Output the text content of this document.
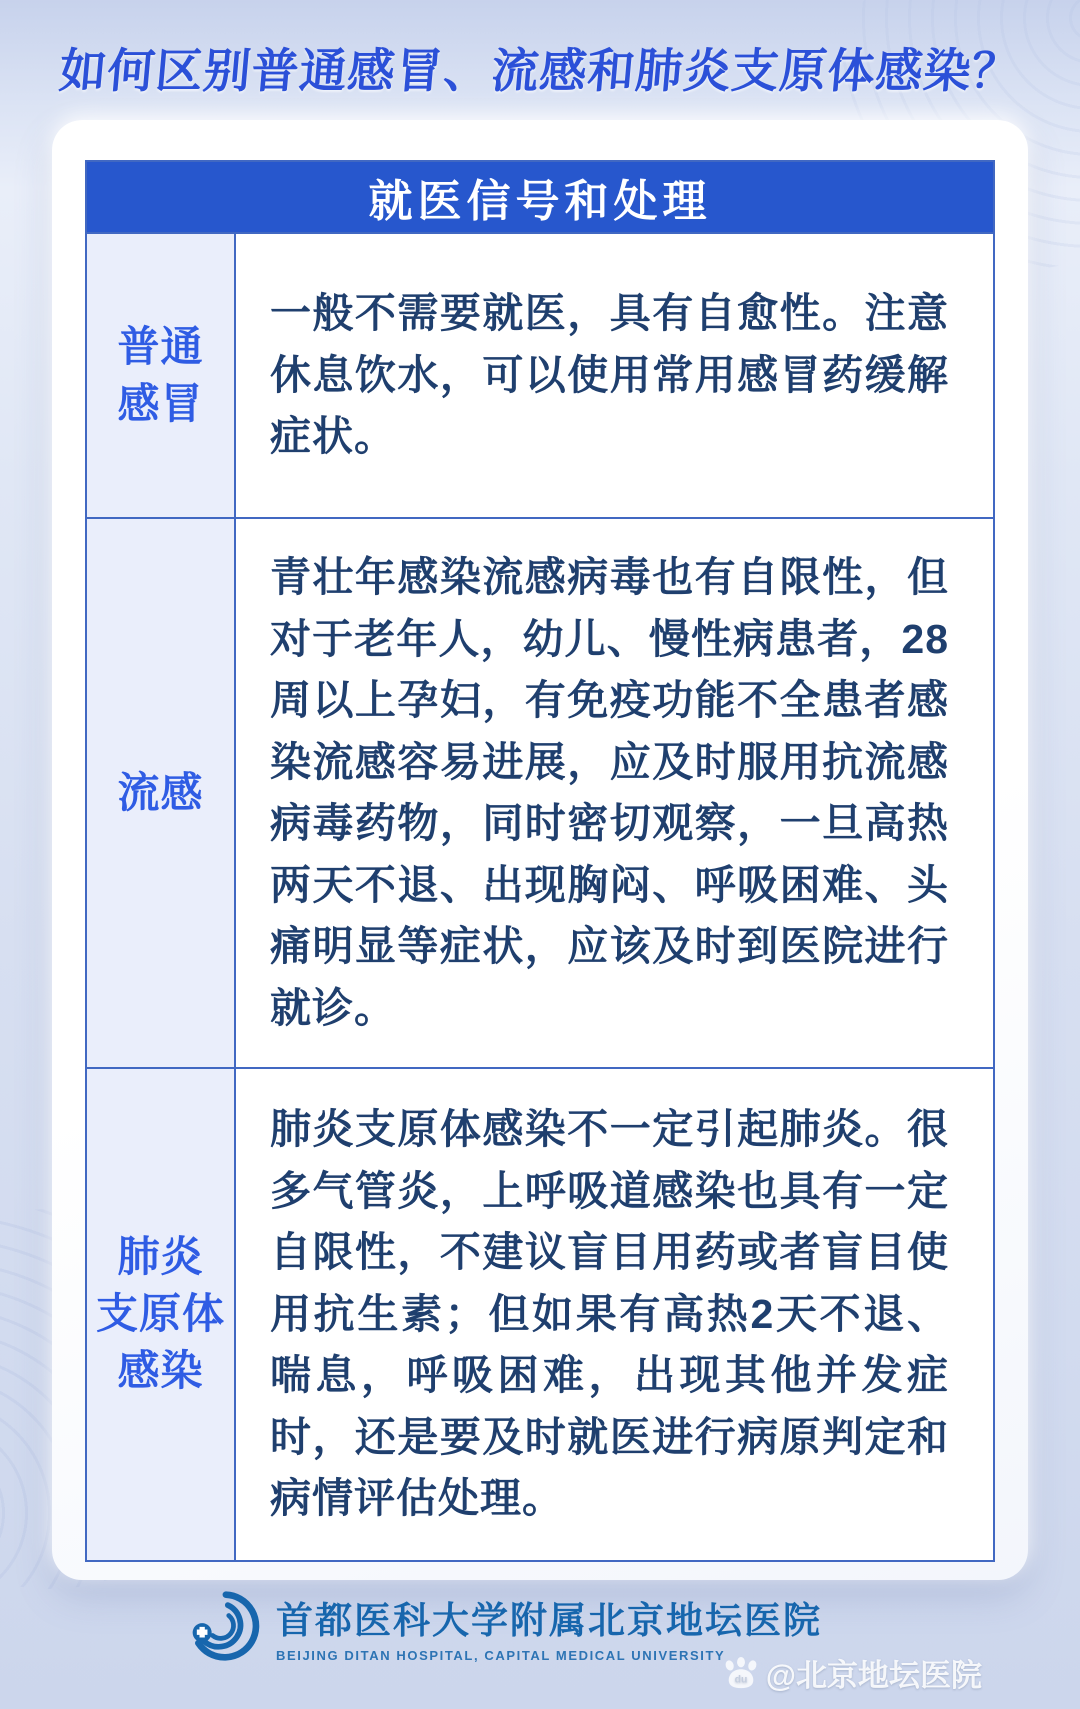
如何区别普通感冒、流感和肺炎支原体感染？
就医信号和处理
普通
感冒
一般不需要就医，具有自愈性。注意休息饮水，可以使用常用感冒药缓解症状。
流感
青壮年感染流感病毒也有自限性，但对于老年人，幼儿、慢性病患者，28周以上孕妇，有免疫功能不全患者感染流感容易进展，应及时服用抗流感病毒药物，同时密切观察，一旦高热两天不退、出现胸闷、呼吸困难、头痛明显等症状，应该及时到医院进行就诊。
肺炎
支原体
感染
肺炎支原体感染不一定引起肺炎。很多气管炎，上呼吸道感染也具有一定自限性，不建议盲目用药或者盲目使用抗生素；但如果有高热2天不退、喘息，呼吸困难，出现其他并发症时，还是要及时就医进行病原判定和病情评估处理。
首都医科大学附属北京地坛医院
BEIJING DITAN HOSPITAL, CAPITAL MEDICAL UNIVERSITY
du @北京地坛医院
